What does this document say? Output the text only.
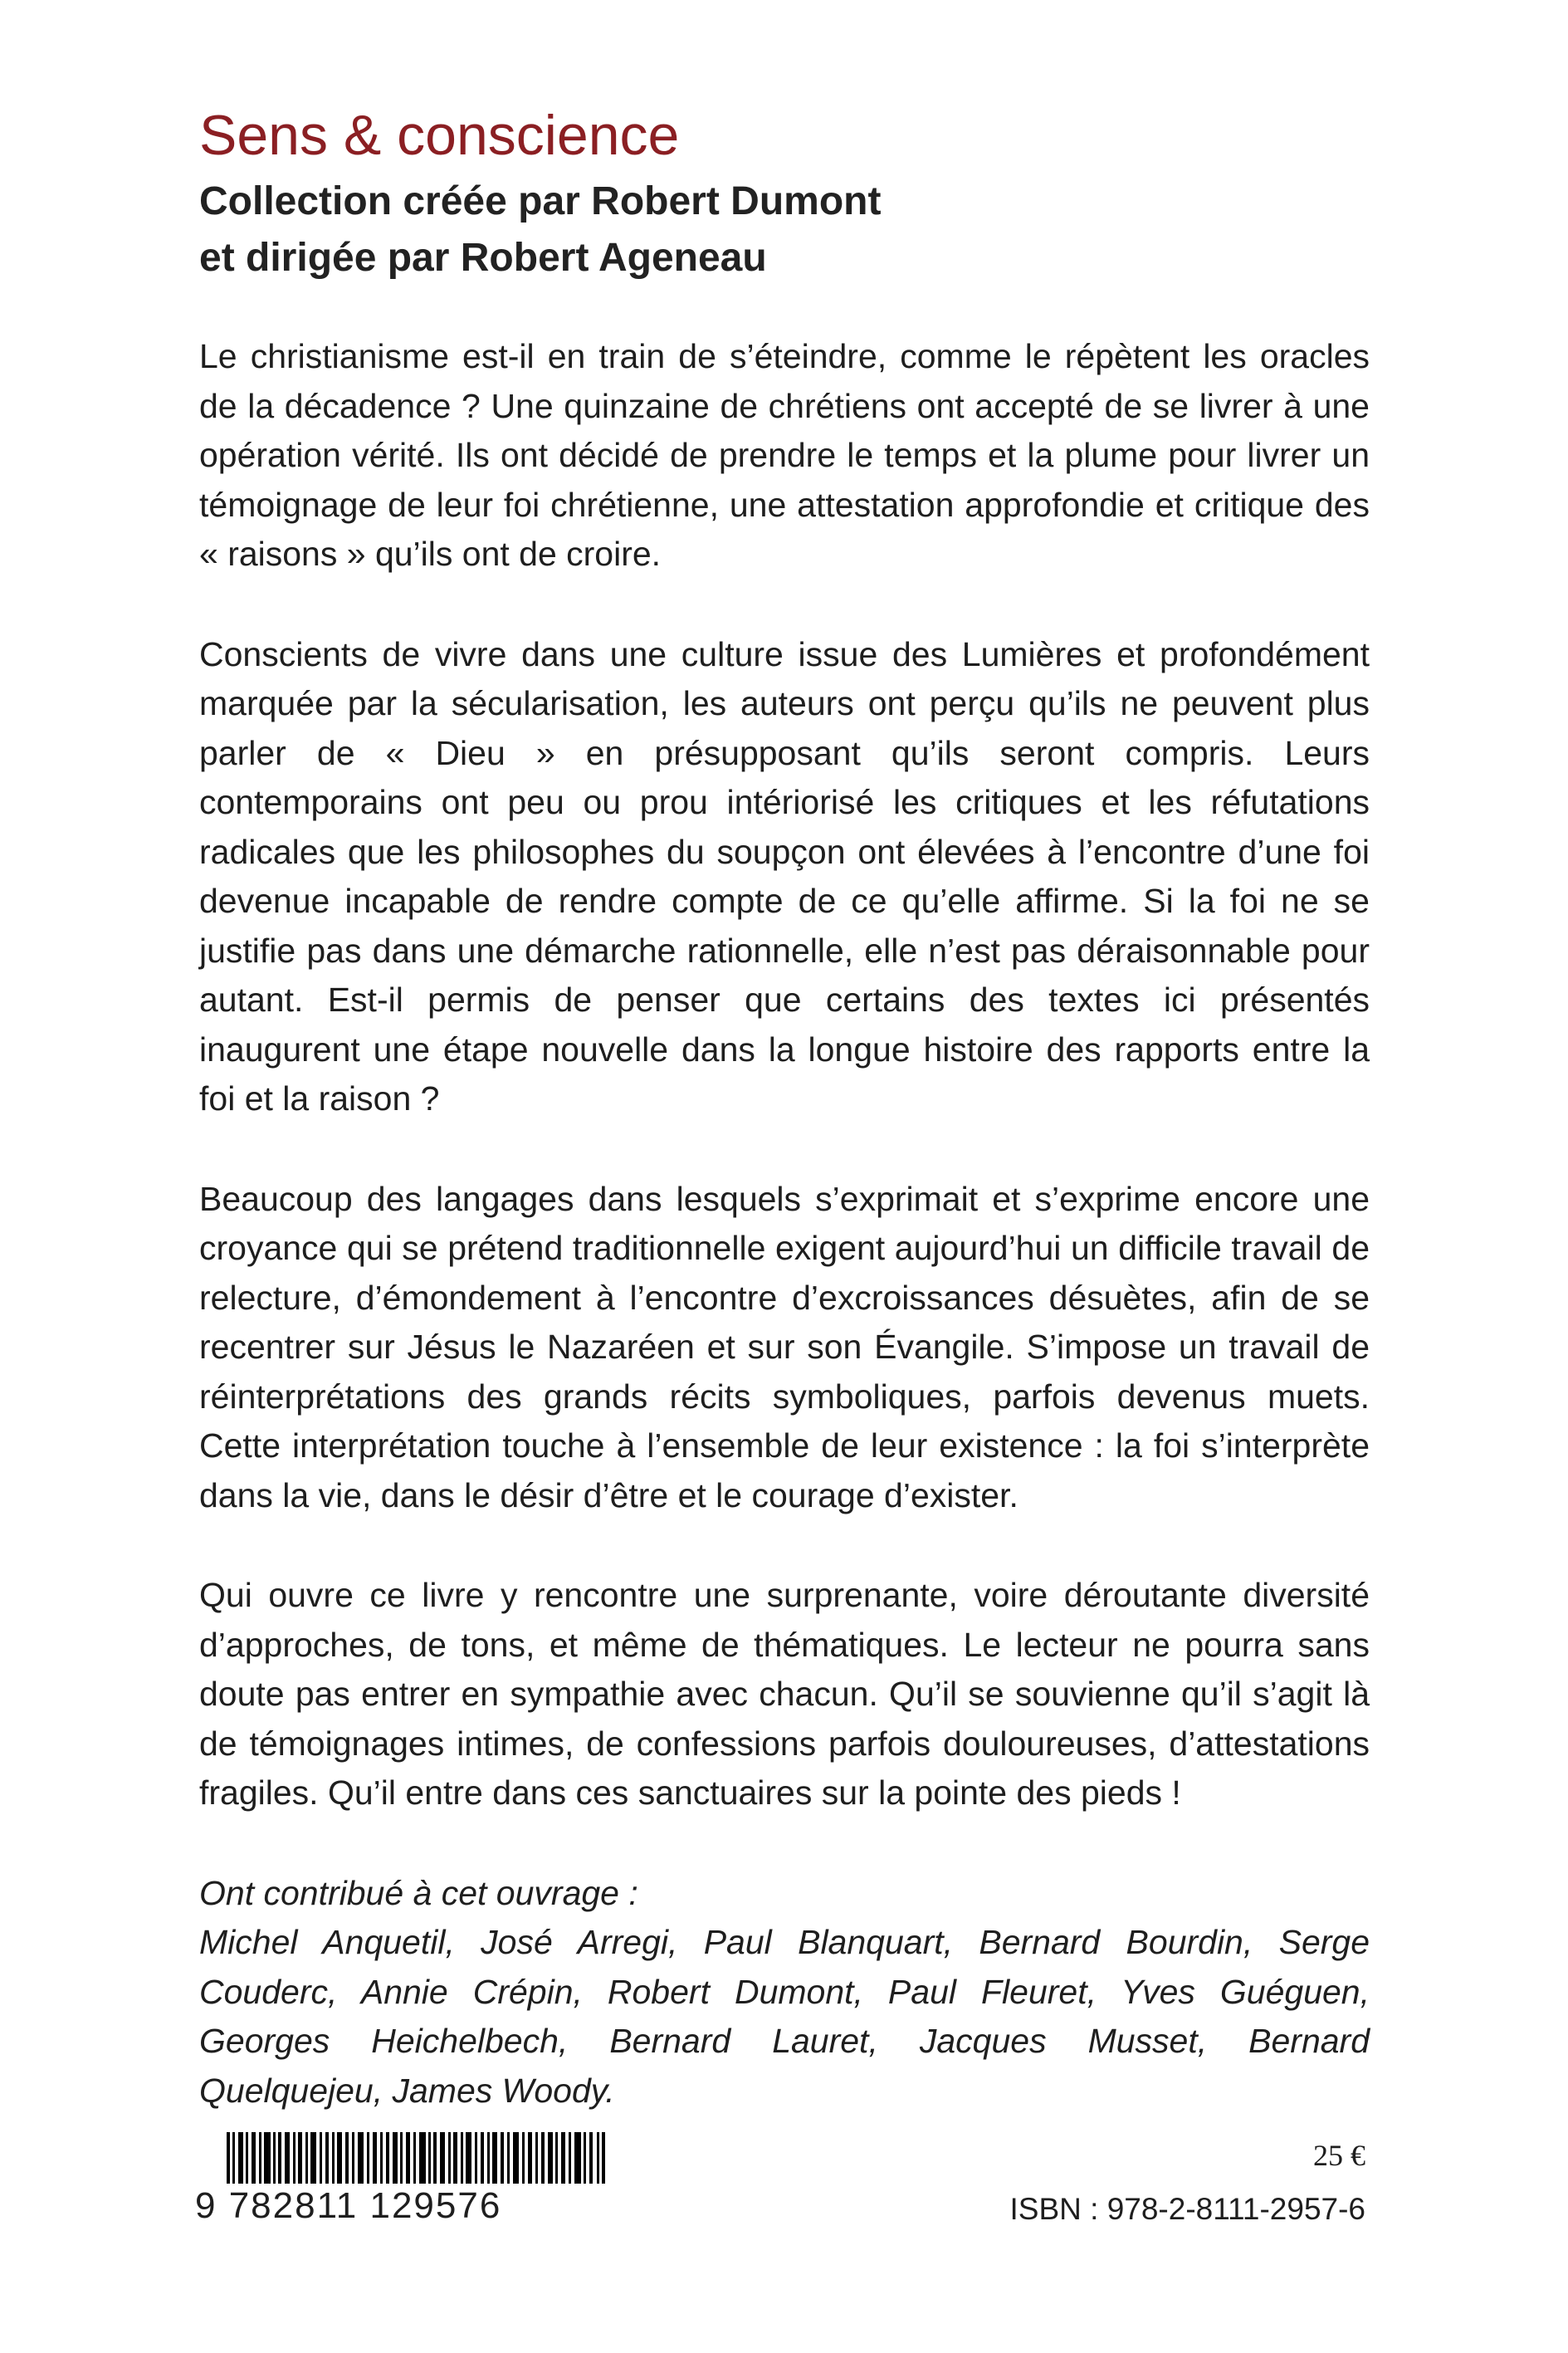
Sens & conscience
Collection créée par Robert Dumont
et dirigée par Robert Ageneau

Le christianisme est-il en train de s’éteindre, comme le répètent les oracles de la décadence ? Une quinzaine de chrétiens ont accepté de se livrer à une opération vérité. Ils ont décidé de prendre le temps et la plume pour livrer un témoignage de leur foi chrétienne, une attestation approfondie et critique des « raisons » qu’ils ont de croire.

Conscients de vivre dans une culture issue des Lumières et profondément marquée par la sécularisation, les auteurs ont perçu qu’ils ne peuvent plus parler de « Dieu » en présupposant qu’ils seront compris. Leurs contemporains ont peu ou prou intériorisé les critiques et les réfutations radicales que les philosophes du soupçon ont élevées à l’encontre d’une foi devenue incapable de rendre compte de ce qu’elle affirme. Si la foi ne se justifie pas dans une démarche rationnelle, elle n’est pas déraisonnable pour autant. Est-il permis de penser que certains des textes ici présentés inaugurent une étape nouvelle dans la longue histoire des rapports entre la foi et la raison ?

Beaucoup des langages dans lesquels s’exprimait et s’exprime encore une croyance qui se prétend traditionnelle exigent aujourd’hui un difficile travail de relecture, d’émondement à l’encontre d’excroissances désuètes, afin de se recentrer sur Jésus le Nazaréen et sur son Évangile. S’impose un travail de réinterprétations des grands récits symboliques, parfois devenus muets. Cette interprétation touche à l’ensemble de leur existence : la foi s’interprète dans la vie, dans le désir d’être et le courage d’exister.

Qui ouvre ce livre y rencontre une surprenante, voire déroutante diversité d’approches, de tons, et même de thématiques. Le lecteur ne pourra sans doute pas entrer en sympathie avec chacun. Qu’il se souvienne qu’il s’agit là de témoignages intimes, de confessions parfois douloureuses, d’attestations fragiles. Qu’il entre dans ces sanctuaires sur la pointe des pieds !

Ont contribué à cet ouvrage :

Michel Anquetil, José Arregi, Paul Blanquart, Bernard Bourdin, Serge Couderc, Annie Crépin, Robert Dumont, Paul Fleuret, Yves Guéguen, Georges Heichelbech, Bernard Lauret, Jacques Musset, Bernard Quelquejeu, James Woody.

9 782811 129576
25 €
ISBN : 978-2-8111-2957-6
